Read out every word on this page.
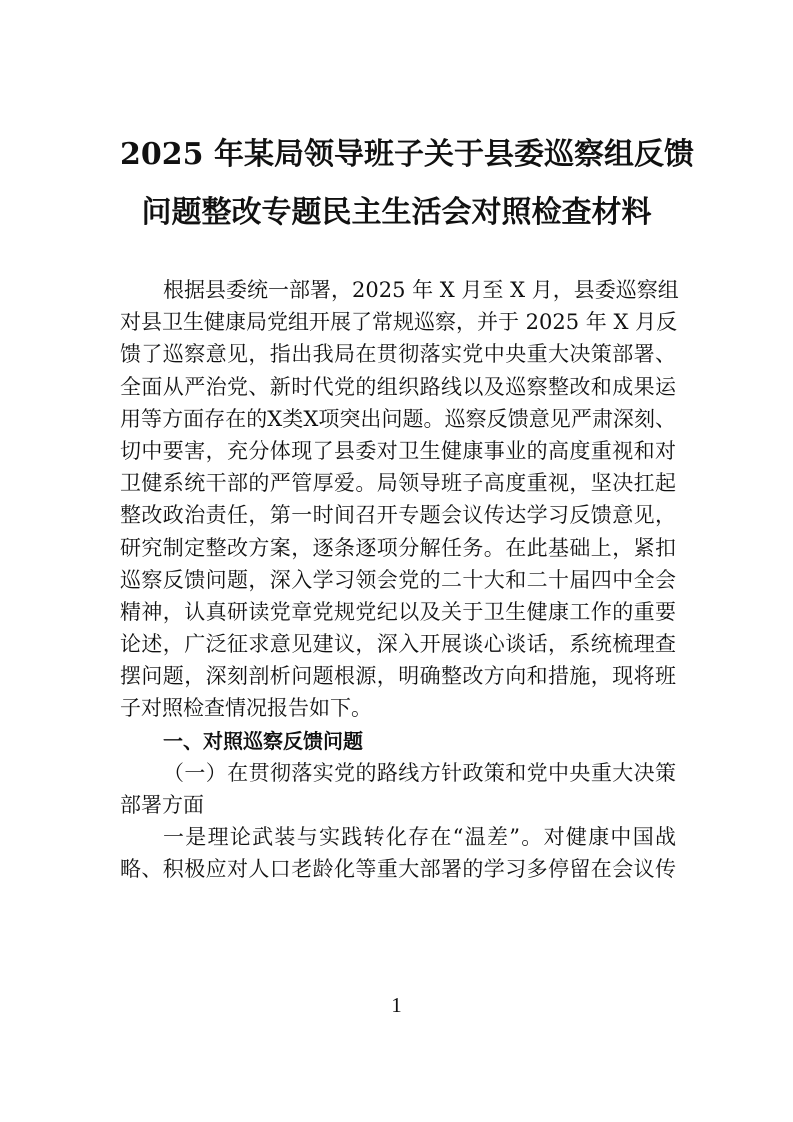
2025 年某局领导班子关于县委巡察组反馈
问题整改专题民主生活会对照检查材料
根据县委统一部署，2025 年 X 月至 X 月，县委巡察组
对县卫生健康局党组开展了常规巡察，并于 2025 年 X 月反
馈了巡察意见，指出我局在贯彻落实党中央重大决策部署、
全面从严治党、新时代党的组织路线以及巡察整改和成果运
用等方面存在的X类X项突出问题。巡察反馈意见严肃深刻、
切中要害，充分体现了县委对卫生健康事业的高度重视和对
卫健系统干部的严管厚爱。局领导班子高度重视，坚决扛起
整改政治责任，第一时间召开专题会议传达学习反馈意见，
研究制定整改方案，逐条逐项分解任务。在此基础上，紧扣
巡察反馈问题，深入学习领会党的二十大和二十届四中全会
精神，认真研读党章党规党纪以及关于卫生健康工作的重要
论述，广泛征求意见建议，深入开展谈心谈话，系统梳理查
摆问题，深刻剖析问题根源，明确整改方向和措施，现将班
子对照检查情况报告如下。
一、对照巡察反馈问题
（一）在贯彻落实党的路线方针政策和党中央重大决策
部署方面
一是理论武装与实践转化存在“温差”。对健康中国战
略、积极应对人口老龄化等重大部署的学习多停留在会议传
1
